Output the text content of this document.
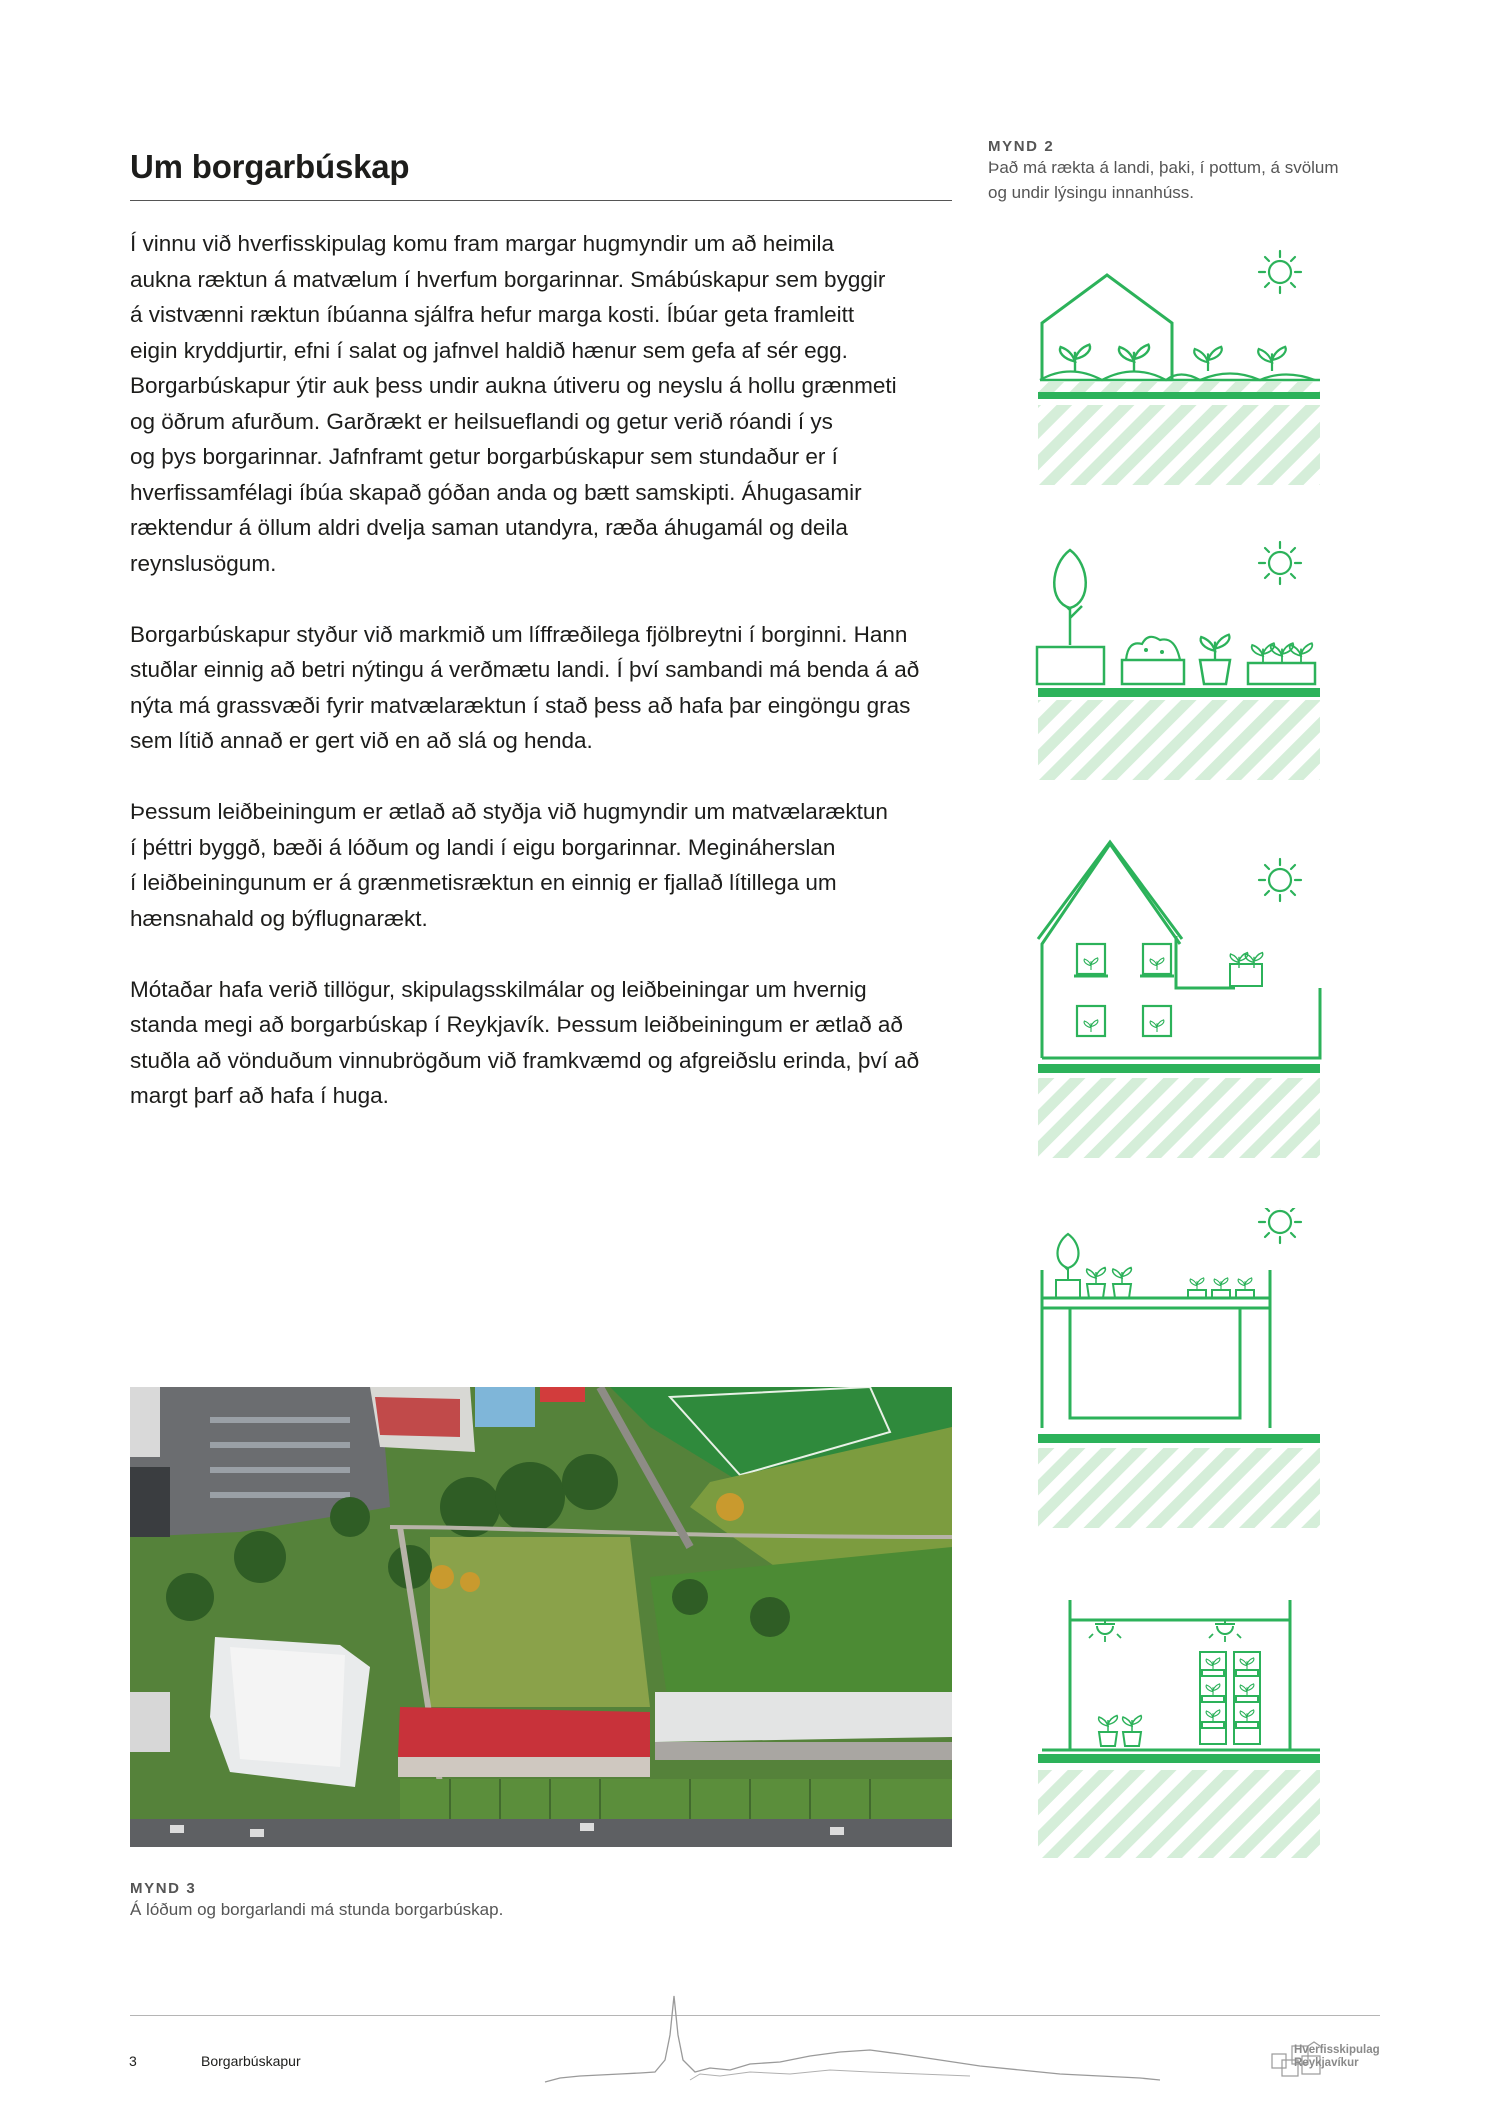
Um borgarbúskap

Í vinnu við hverfisskipulag komu fram margar hugmyndir um að heimila
aukna ræktun á matvælum í hverfum borgarinnar. Smábúskapur sem byggir
á vistvænni ræktun íbúanna sjálfra hefur marga kosti. Íbúar geta framleitt
eigin kryddjurtir, efni í salat og jafnvel haldið hænur sem gefa af sér egg.
Borgarbúskapur ýtir auk þess undir aukna útiveru og neyslu á hollu grænmeti
og öðrum afurðum. Garðrækt er heilsueflandi og getur verið róandi í ys
og þys borgarinnar. Jafnframt getur borgarbúskapur sem stundaður er í
hverfissamfélagi íbúa skapað góðan anda og bætt samskipti. Áhugasamir
ræktendur á öllum aldri dvelja saman utandyra, ræða áhugamál og deila
reynslusögum.

Borgarbúskapur styður við markmið um líffræðilega fjölbreytni í borginni. Hann
stuðlar einnig að betri nýtingu á verðmætu landi. Í því sambandi má benda á að
nýta má grassvæði fyrir matvælaræktun í stað þess að hafa þar eingöngu gras
sem lítið annað er gert við en að slá og henda.

Þessum leiðbeiningum er ætlað að styðja við hugmyndir um matvælaræktun
í þéttri byggð, bæði á lóðum og landi í eigu borgarinnar. Megináherslan
í leiðbeiningunum er á grænmetisræktun en einnig er fjallað lítillega um
hænsnahald og býflugnarækt.

Mótaðar hafa verið tillögur, skipulagsskilmálar og leiðbeiningar um hvernig
standa megi að borgarbúskap í Reykjavík. Þessum leiðbeiningum er ætlað að
stuðla að vönduðum vinnubrögðum við framkvæmd og afgreiðslu erinda, því að
margt þarf að hafa í huga.

MYND 2
Það má rækta á landi, þaki, í pottum, á svölum
og undir lýsingu innanhúss.
MYND 3
Á lóðum og borgarlandi má stunda borgarbúskap.
3	Borgarbúskapur
Hverfisskipulag
Reykjavíkur
